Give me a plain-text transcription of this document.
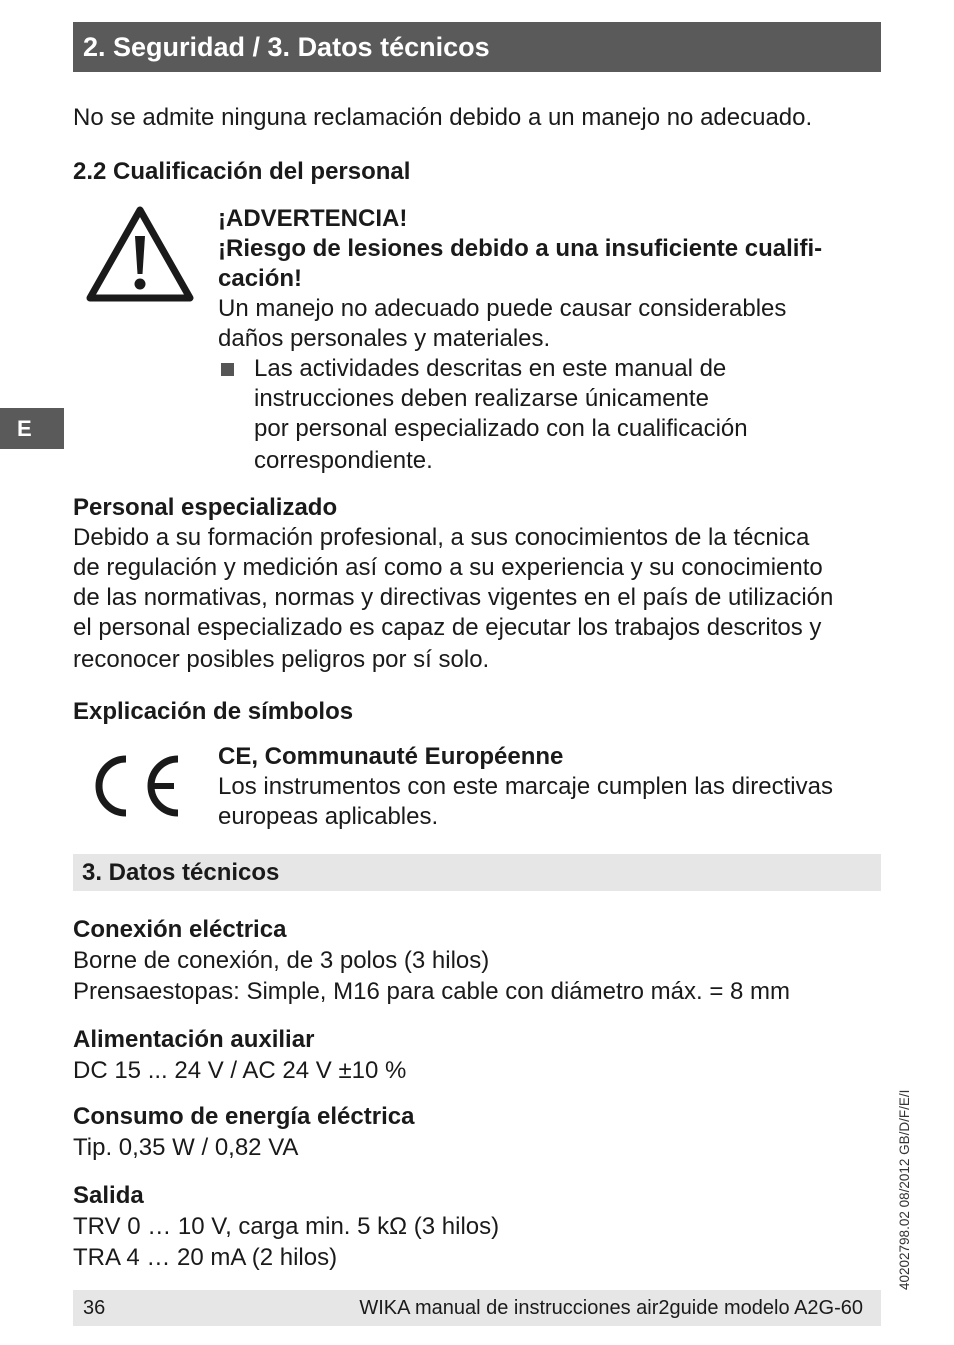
2. Seguridad / 3. Datos técnicos

No se admite ninguna reclamación debido a un manejo no adecuado.

2.2 Cualificación del personal

¡ADVERTENCIA!
¡Riesgo de lesiones debido a una insuficiente cualifi-
cación!
Un manejo no adecuado puede causar considerables
daños personales y materiales.
Las actividades descritas en este manual de
instrucciones deben realizarse únicamente
por personal especializado con la cualificación
correspondiente.
E

Personal especializado

Debido a su formación profesional, a sus conocimientos de la técnica
de regulación y medición así como a su experiencia y su conocimiento
de las normativas, normas y directivas vigentes en el país de utilización
el personal especializado es capaz de ejecutar los trabajos descritos y
reconocer posibles peligros por sí solo.

Explicación de símbolos

CE, Communauté Européenne
Los instrumentos con este marcaje cumplen las directivas
europeas aplicables.
3. Datos técnicos
Conexión eléctrica
Borne de conexión, de 3 polos (3 hilos)
Prensaestopas: Simple, M16 para cable con diámetro máx. = 8 mm
Alimentación auxiliar
DC 15 ... 24 V / AC 24 V ±10 %
Consumo de energía eléctrica
Tip. 0,35 W / 0,82 VA
Salida
TRV 0 … 10 V, carga min. 5 kΩ (3 hilos)
TRA 4 … 20 mA (2 hilos)	40202798.02 08/2012 GB/D/F/E/I
36	WIKA manual de instrucciones air2guide modelo A2G-60
